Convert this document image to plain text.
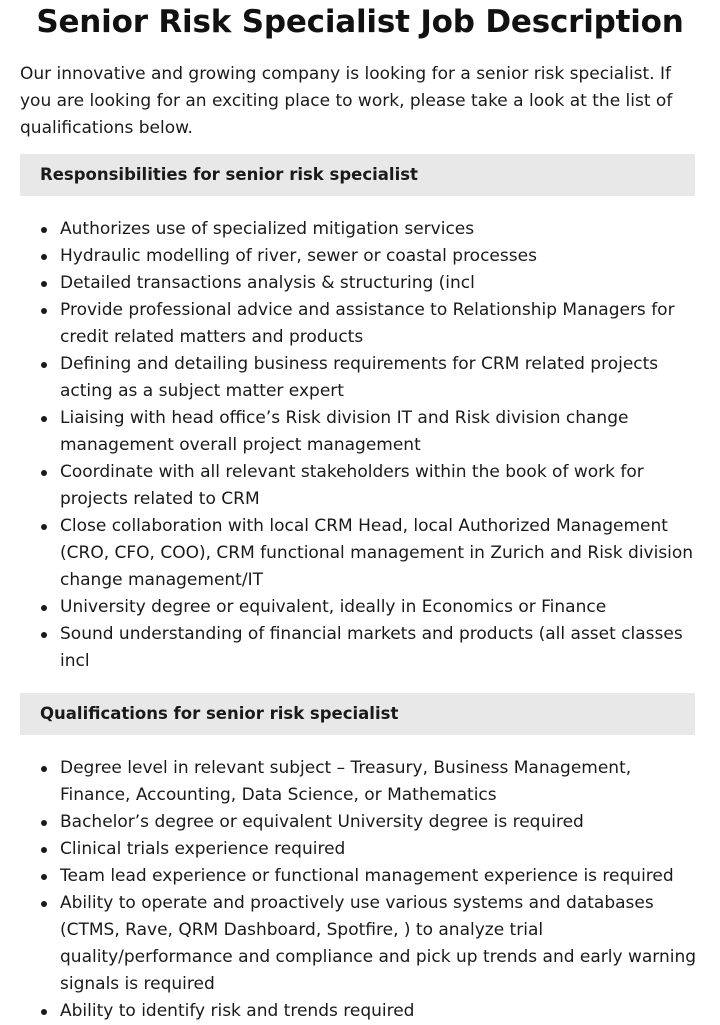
Senior Risk Specialist Job Description

Our innovative and growing company is looking for a senior risk specialist. If you are looking for an exciting place to work, please take a look at the list of qualifications below.

Responsibilities for senior risk specialist
Authorizes use of specialized mitigation services
Hydraulic modelling of river, sewer or coastal processes
Detailed transactions analysis & structuring (incl
Provide professional advice and assistance to Relationship Managers for credit related matters and products
Defining and detailing business requirements for CRM related projects acting as a subject matter expert
Liaising with head office’s Risk division IT and Risk division change management overall project management
Coordinate with all relevant stakeholders within the book of work for projects related to CRM
Close collaboration with local CRM Head, local Authorized Management (CRO, CFO, COO), CRM functional management in Zurich and Risk division change management/IT
University degree or equivalent, ideally in Economics or Finance
Sound understanding of financial markets and products (all asset classes incl
Qualifications for senior risk specialist
Degree level in relevant subject – Treasury, Business Management, Finance, Accounting, Data Science, or Mathematics
Bachelor’s degree or equivalent University degree is required
Clinical trials experience required
Team lead experience or functional management experience is required
Ability to operate and proactively use various systems and databases (CTMS, Rave, QRM Dashboard, Spotfire, ) to analyze trial quality/performance and compliance and pick up trends and early warning signals is required
Ability to identify risk and trends required
